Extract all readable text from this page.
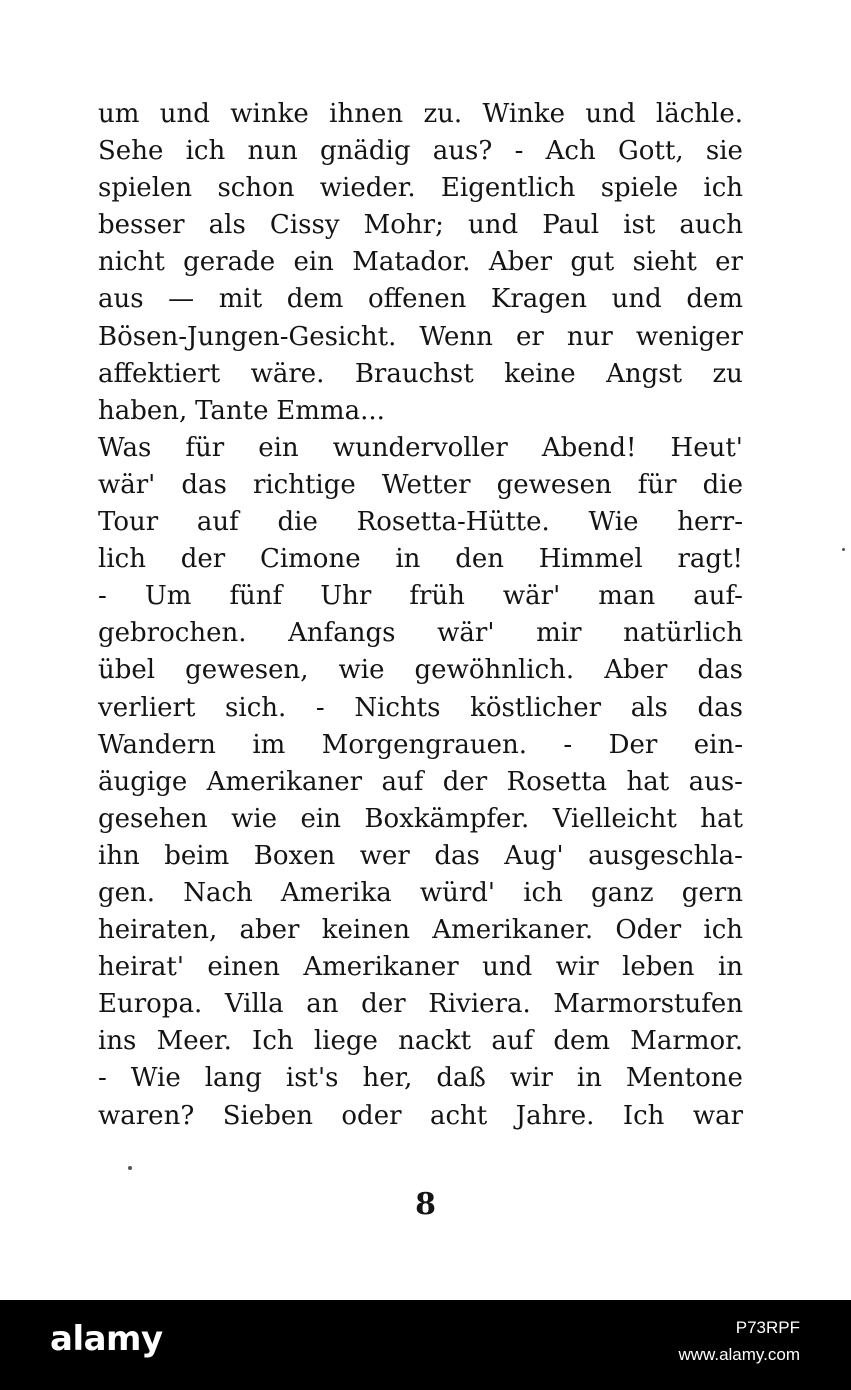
um und winke ihnen zu. Winke und lächle.
Sehe ich nun gnädig aus? - Ach Gott, sie
spielen schon wieder. Eigentlich spiele ich
besser als Cissy Mohr; und Paul ist auch
nicht gerade ein Matador. Aber gut sieht er
aus — mit dem offenen Kragen und dem
Bösen-Jungen-Gesicht. Wenn er nur weniger
affektiert wäre. Brauchst keine Angst zu
haben, Tante Emma...
Was für ein wundervoller Abend! Heut'
wär' das richtige Wetter gewesen für die
Tour auf die Rosetta-Hütte. Wie herr-
lich der Cimone in den Himmel ragt!
- Um fünf Uhr früh wär' man auf-
gebrochen. Anfangs wär' mir natürlich
übel gewesen, wie gewöhnlich. Aber das
verliert sich. - Nichts köstlicher als das
Wandern im Morgengrauen. - Der ein-
äugige Amerikaner auf der Rosetta hat aus-
gesehen wie ein Boxkämpfer. Vielleicht hat
ihn beim Boxen wer das Aug' ausgeschla-
gen. Nach Amerika würd' ich ganz gern
heiraten, aber keinen Amerikaner. Oder ich
heirat' einen Amerikaner und wir leben in
Europa. Villa an der Riviera. Marmorstufen
ins Meer. Ich liege nackt auf dem Marmor.
- Wie lang ist's her, daß wir in Mentone
waren? Sieben oder acht Jahre. Ich war
8
alamy	P73RPF
www.alamy.com
